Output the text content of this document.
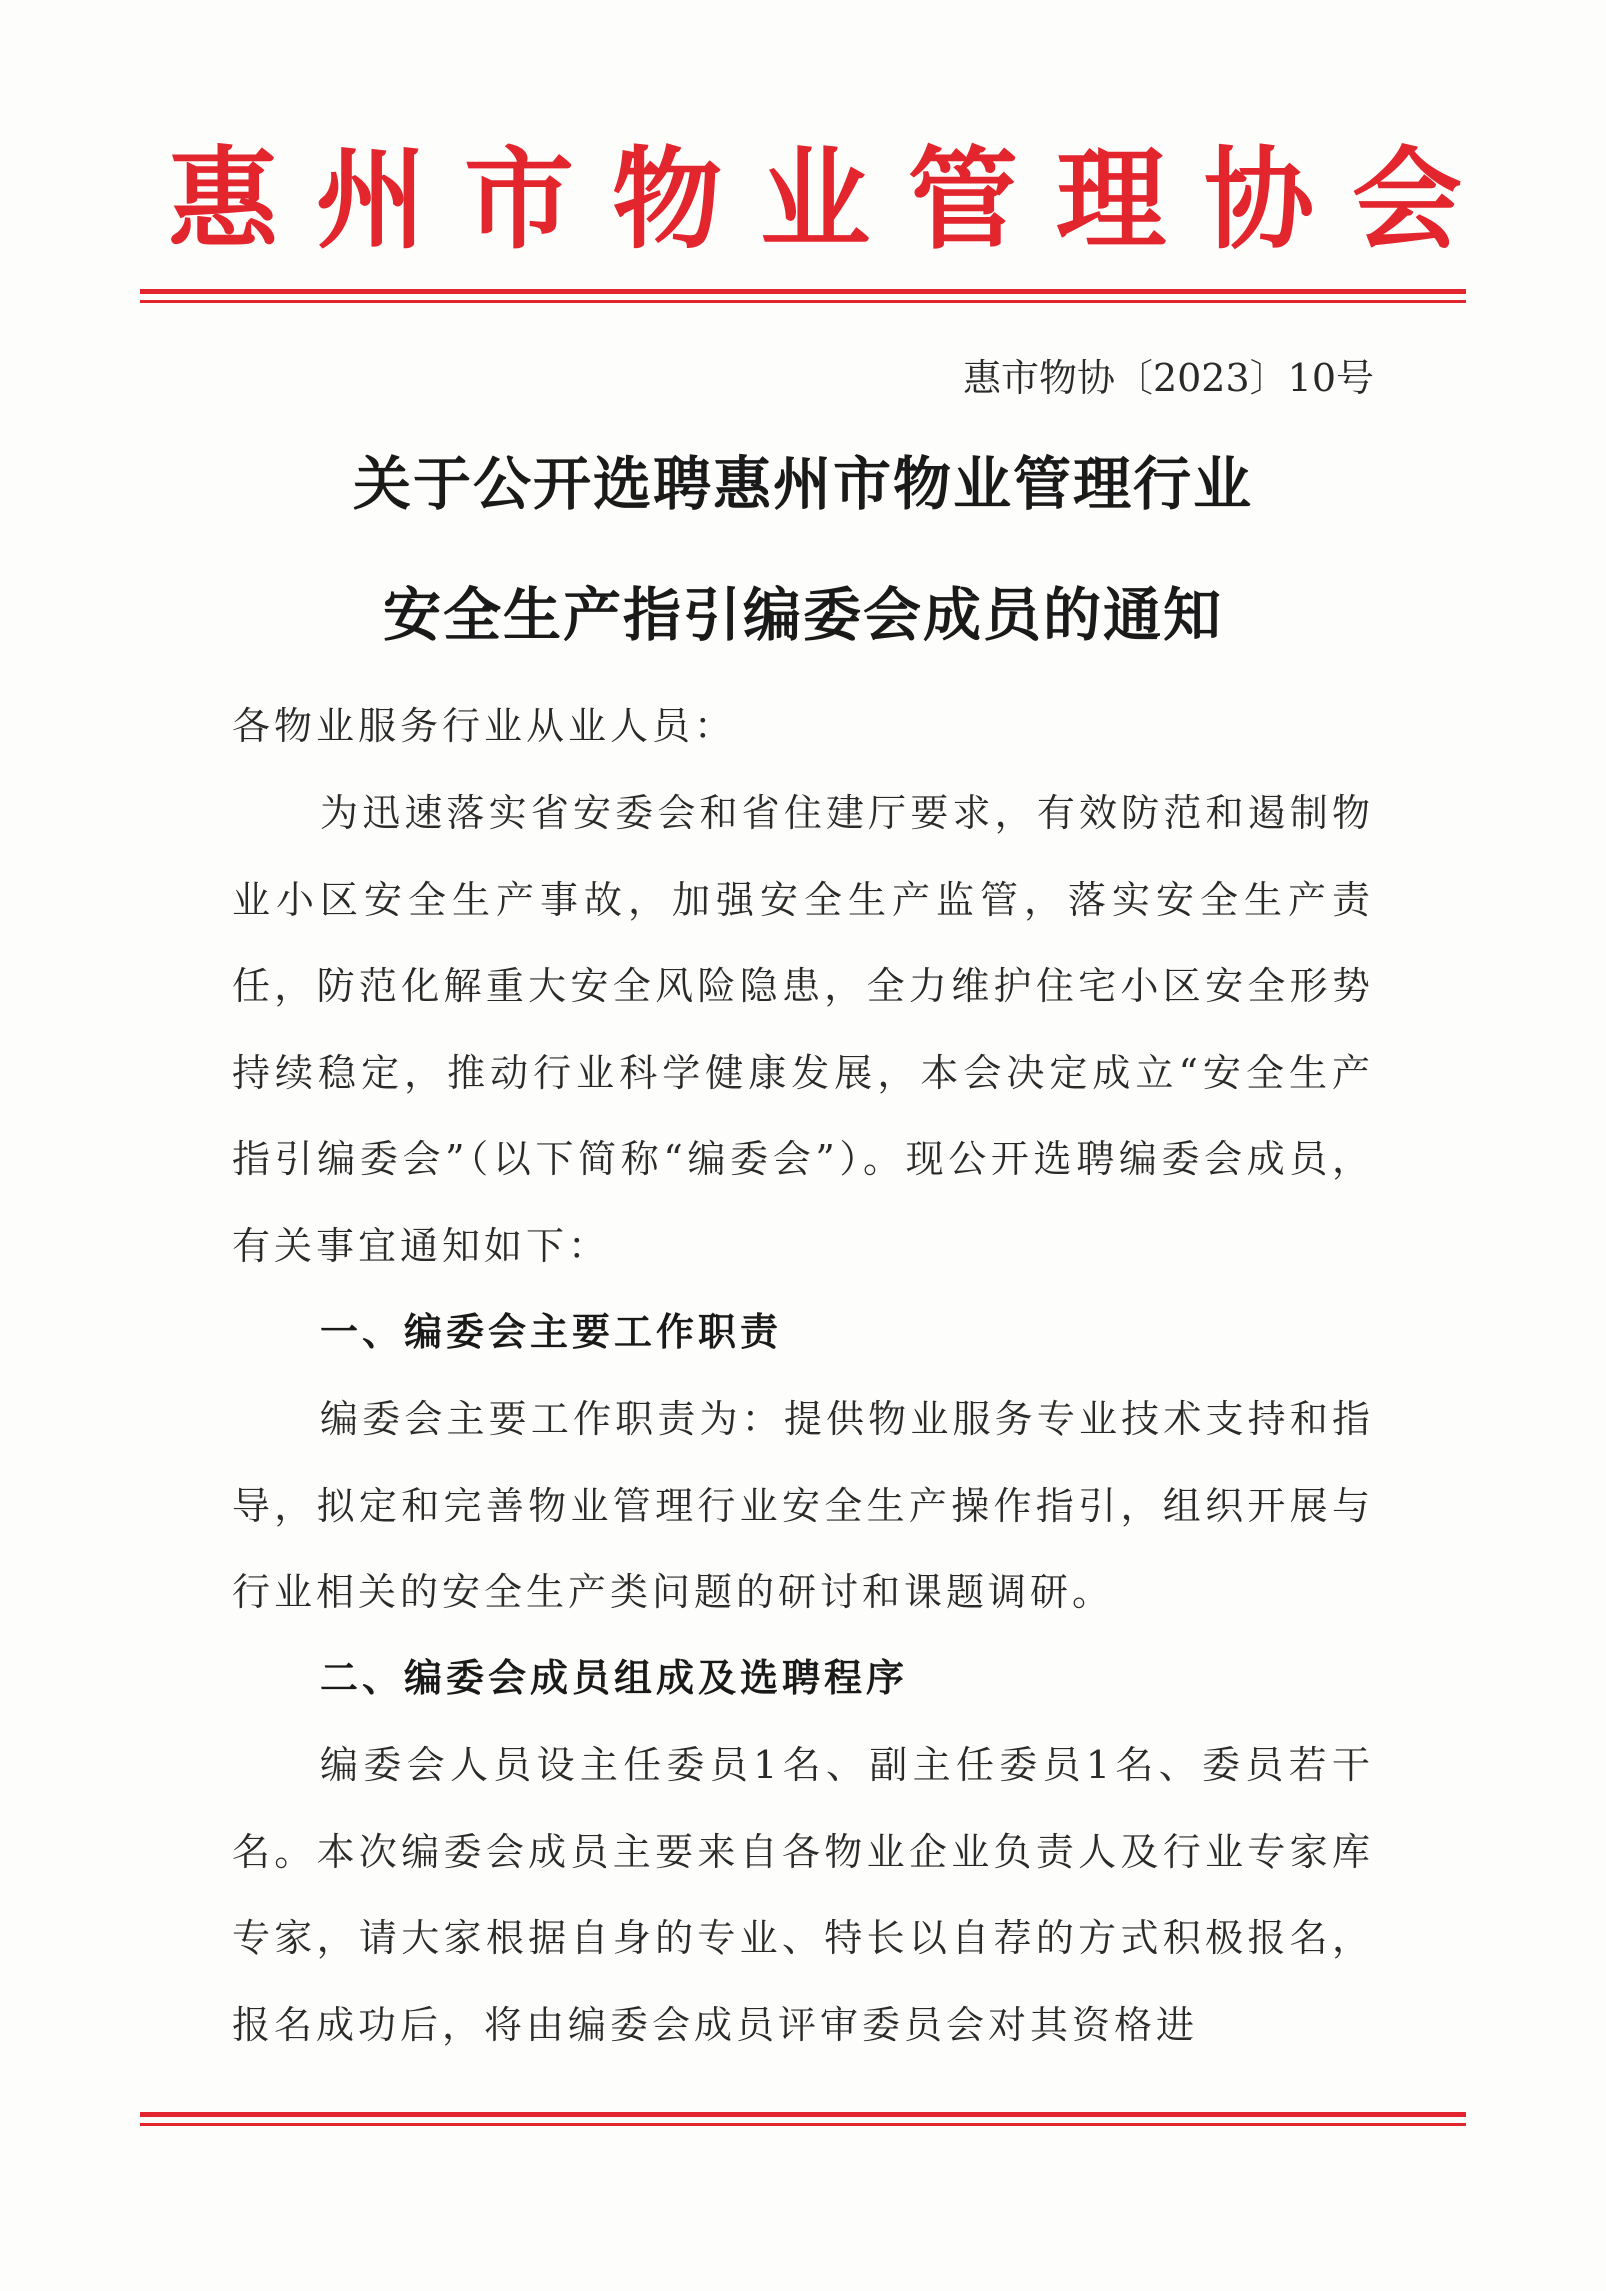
惠州市物业管理协会
惠市物协〔2023〕10号
关于公开选聘惠州市物业管理行业
安全生产指引编委会成员的通知
各物业服务行业从业人员：

为迅速落实省安委会和省住建厅要求，有效防范和遏制物业小区安全生产事故，加强安全生产监管，落实安全生产责任，防范化解重大安全风险隐患，全力维护住宅小区安全形势持续稳定，推动行业科学健康发展，本会决定成立“安全生产指引编委会”（以下简称“编委会”）。现公开选聘编委会成员，有关事宜通知如下：

一、编委会主要工作职责

编委会主要工作职责为：提供物业服务专业技术支持和指导，拟定和完善物业管理行业安全生产操作指引，组织开展与行业相关的安全生产类问题的研讨和课题调研。

二、编委会成员组成及选聘程序

编委会人员设主任委员1名、副主任委员1名、委员若干名。本次编委会成员主要来自各物业企业负责人及行业专家库专家，请大家根据自身的专业、特长以自荐的方式积极报名，报名成功后，将由编委会成员评审委员会对其资格进
